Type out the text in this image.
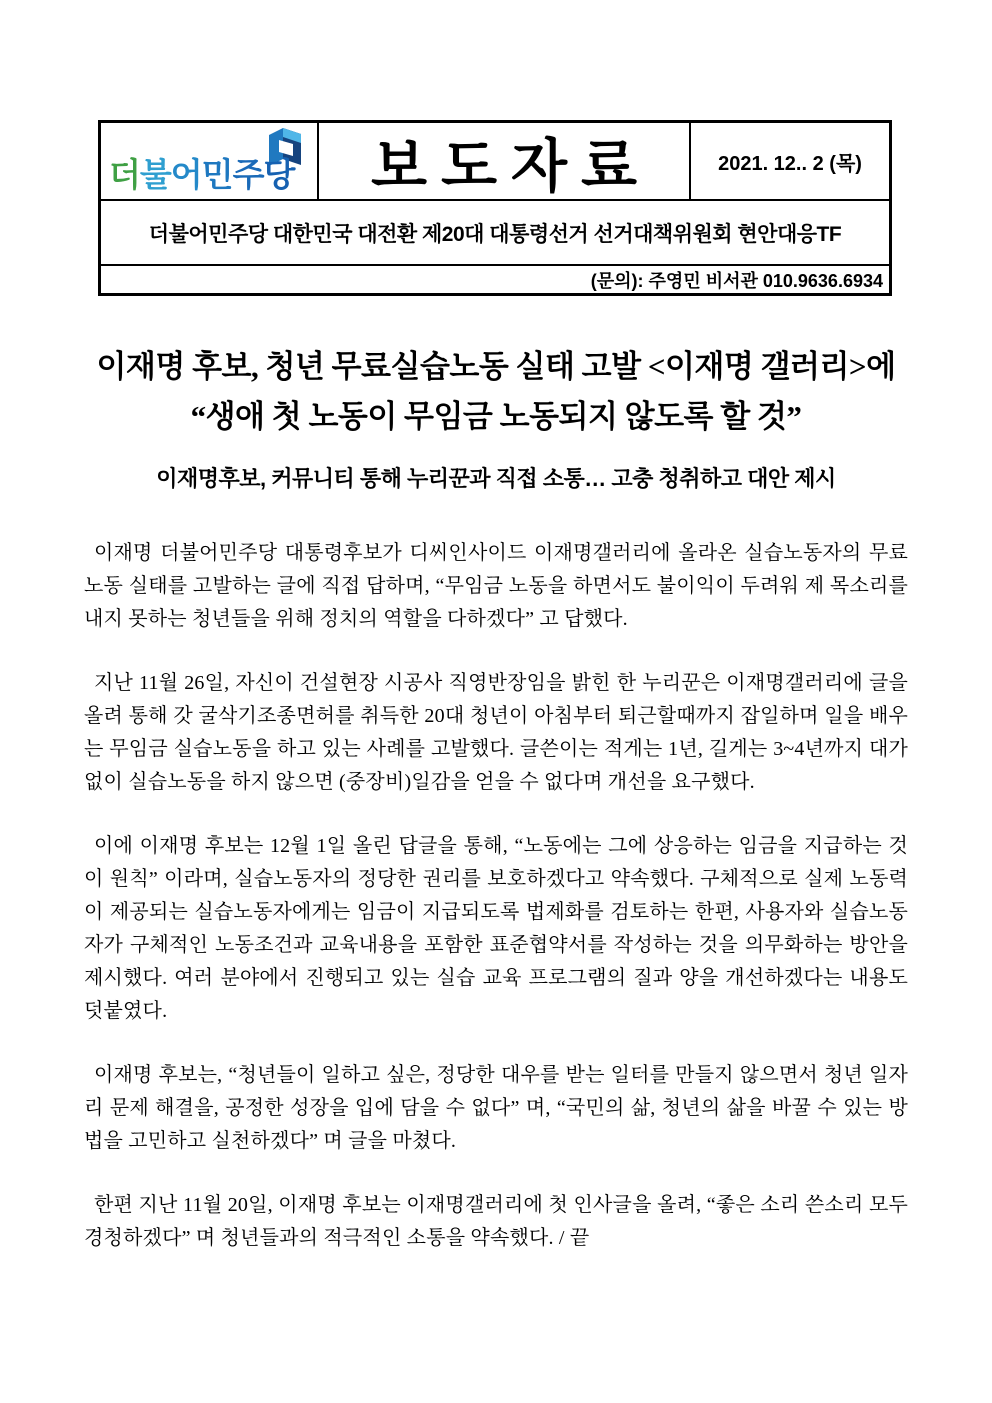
더불어민주당	보도자료	2021. 12.. 2 (목)
더불어민주당 대한민국 대전환 제20대 대통령선거 선거대책위원회 현안대응TF
(문의): 주영민 비서관 010.9636.6934
이재명 후보, 청년 무료실습노동 실태 고발 <이재명 갤러리>에
“생애 첫 노동이 무임금 노동되지 않도록 할 것”
이재명후보, 커뮤니티 통해 누리꾼과 직접 소통… 고충 청취하고 대안 제시

이재명 더불어민주당 대통령후보가 디씨인사이드 이재명갤러리에 올라온 실습노동자의 무료노동 실태를 고발하는 글에 직접 답하며, “무임금 노동을 하면서도 불이익이 두려워 제 목소리를 내지 못하는 청년들을 위해 정치의 역할을 다하겠다” 고 답했다.

지난 11월 26일, 자신이 건설현장 시공사 직영반장임을 밝힌 한 누리꾼은 이재명갤러리에 글을 올려 통해 갓 굴삭기조종면허를 취득한 20대 청년이 아침부터 퇴근할때까지 잡일하며 일을 배우는 무임금 실습노동을 하고 있는 사례를 고발했다. 글쓴이는 적게는 1년, 길게는 3~4년까지 대가 없이 실습노동을 하지 않으면 (중장비)일감을 얻을 수 없다며 개선을 요구했다.

이에 이재명 후보는 12월 1일 올린 답글을 통해, “노동에는 그에 상응하는 임금을 지급하는 것이 원칙” 이라며, 실습노동자의 정당한 권리를 보호하겠다고 약속했다. 구체적으로 실제 노동력이 제공되는 실습노동자에게는 임금이 지급되도록 법제화를 검토하는 한편, 사용자와 실습노동자가 구체적인 노동조건과 교육내용을 포함한 표준협약서를 작성하는 것을 의무화하는 방안을 제시했다. 여러 분야에서 진행되고 있는 실습 교육 프로그램의 질과 양을 개선하겠다는 내용도 덧붙였다.

이재명 후보는, “청년들이 일하고 싶은, 정당한 대우를 받는 일터를 만들지 않으면서 청년 일자리 문제 해결을, 공정한 성장을 입에 담을 수 없다” 며, “국민의 삶, 청년의 삶을 바꿀 수 있는 방법을 고민하고 실천하겠다” 며 글을 마쳤다.

한편 지난 11월 20일, 이재명 후보는 이재명갤러리에 첫 인사글을 올려, “좋은 소리 쓴소리 모두 경청하겠다” 며 청년들과의 적극적인 소통을 약속했다. / 끝
